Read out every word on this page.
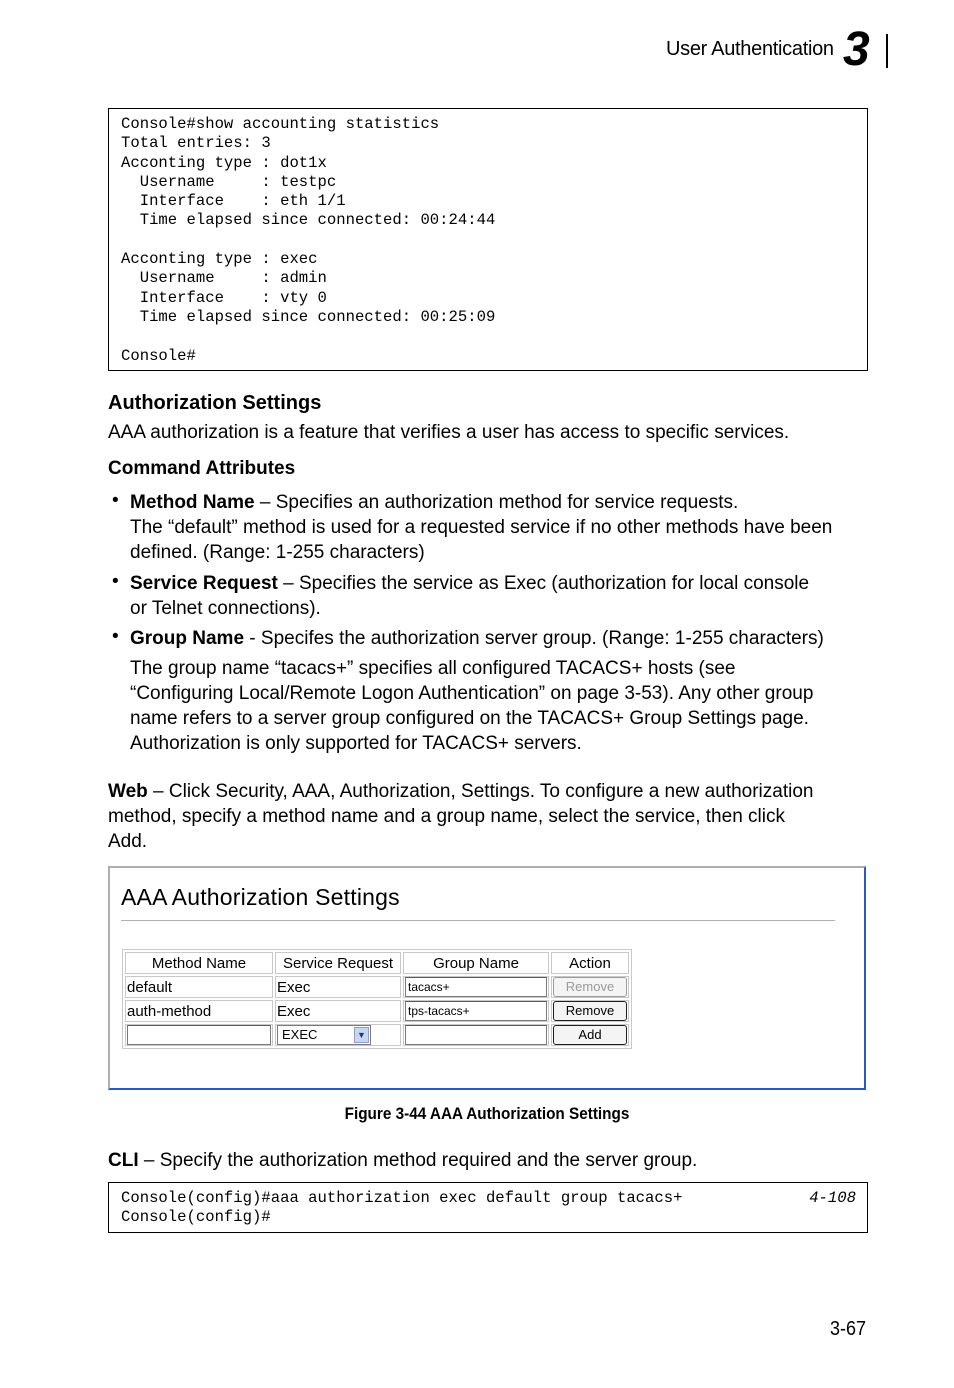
User Authentication 3
Console#show accounting statistics
Total entries: 3
Acconting type : dot1x
Username     : testpc
Interface    : eth 1/1
Time elapsed since connected: 00:24:44
Acconting type : exec
Username     : admin
Interface    : vty 0
Time elapsed since connected: 00:25:09
Console#
Authorization Settings
AAA authorization is a feature that verifies a user has access to specific services.
Command Attributes
• Method Name – Specifies an authorization method for service requests.
The “default” method is used for a requested service if no other methods have been
defined. (Range: 1-255 characters)
• Service Request – Specifies the service as Exec (authorization for local console
or Telnet connections).
• Group Name - Specifes the authorization server group. (Range: 1-255 characters)
The group name “tacacs+” specifies all configured TACACS+ hosts (see
“Configuring Local/Remote Logon Authentication” on page 3-53). Any other group
name refers to a server group configured on the TACACS+ Group Settings page.
Authorization is only supported for TACACS+ servers.
Web – Click Security, AAA, Authorization, Settings. To configure a new authorization
method, specify a method name and a group name, select the service, then click
Add.
AAA Authorization Settings
Method Name	Service Request	Group Name	Action
default	Exec	tacacs+	Remove

auth-method	Exec	tps-tacacs+	Remove

	EXEC ▼		Add
Figure 3-44 AAA Authorization Settings
CLI – Specify the authorization method required and the server group.
Console(config)#aaa authorization exec default group tacacs+
Console(config)#
4-108
3-67
